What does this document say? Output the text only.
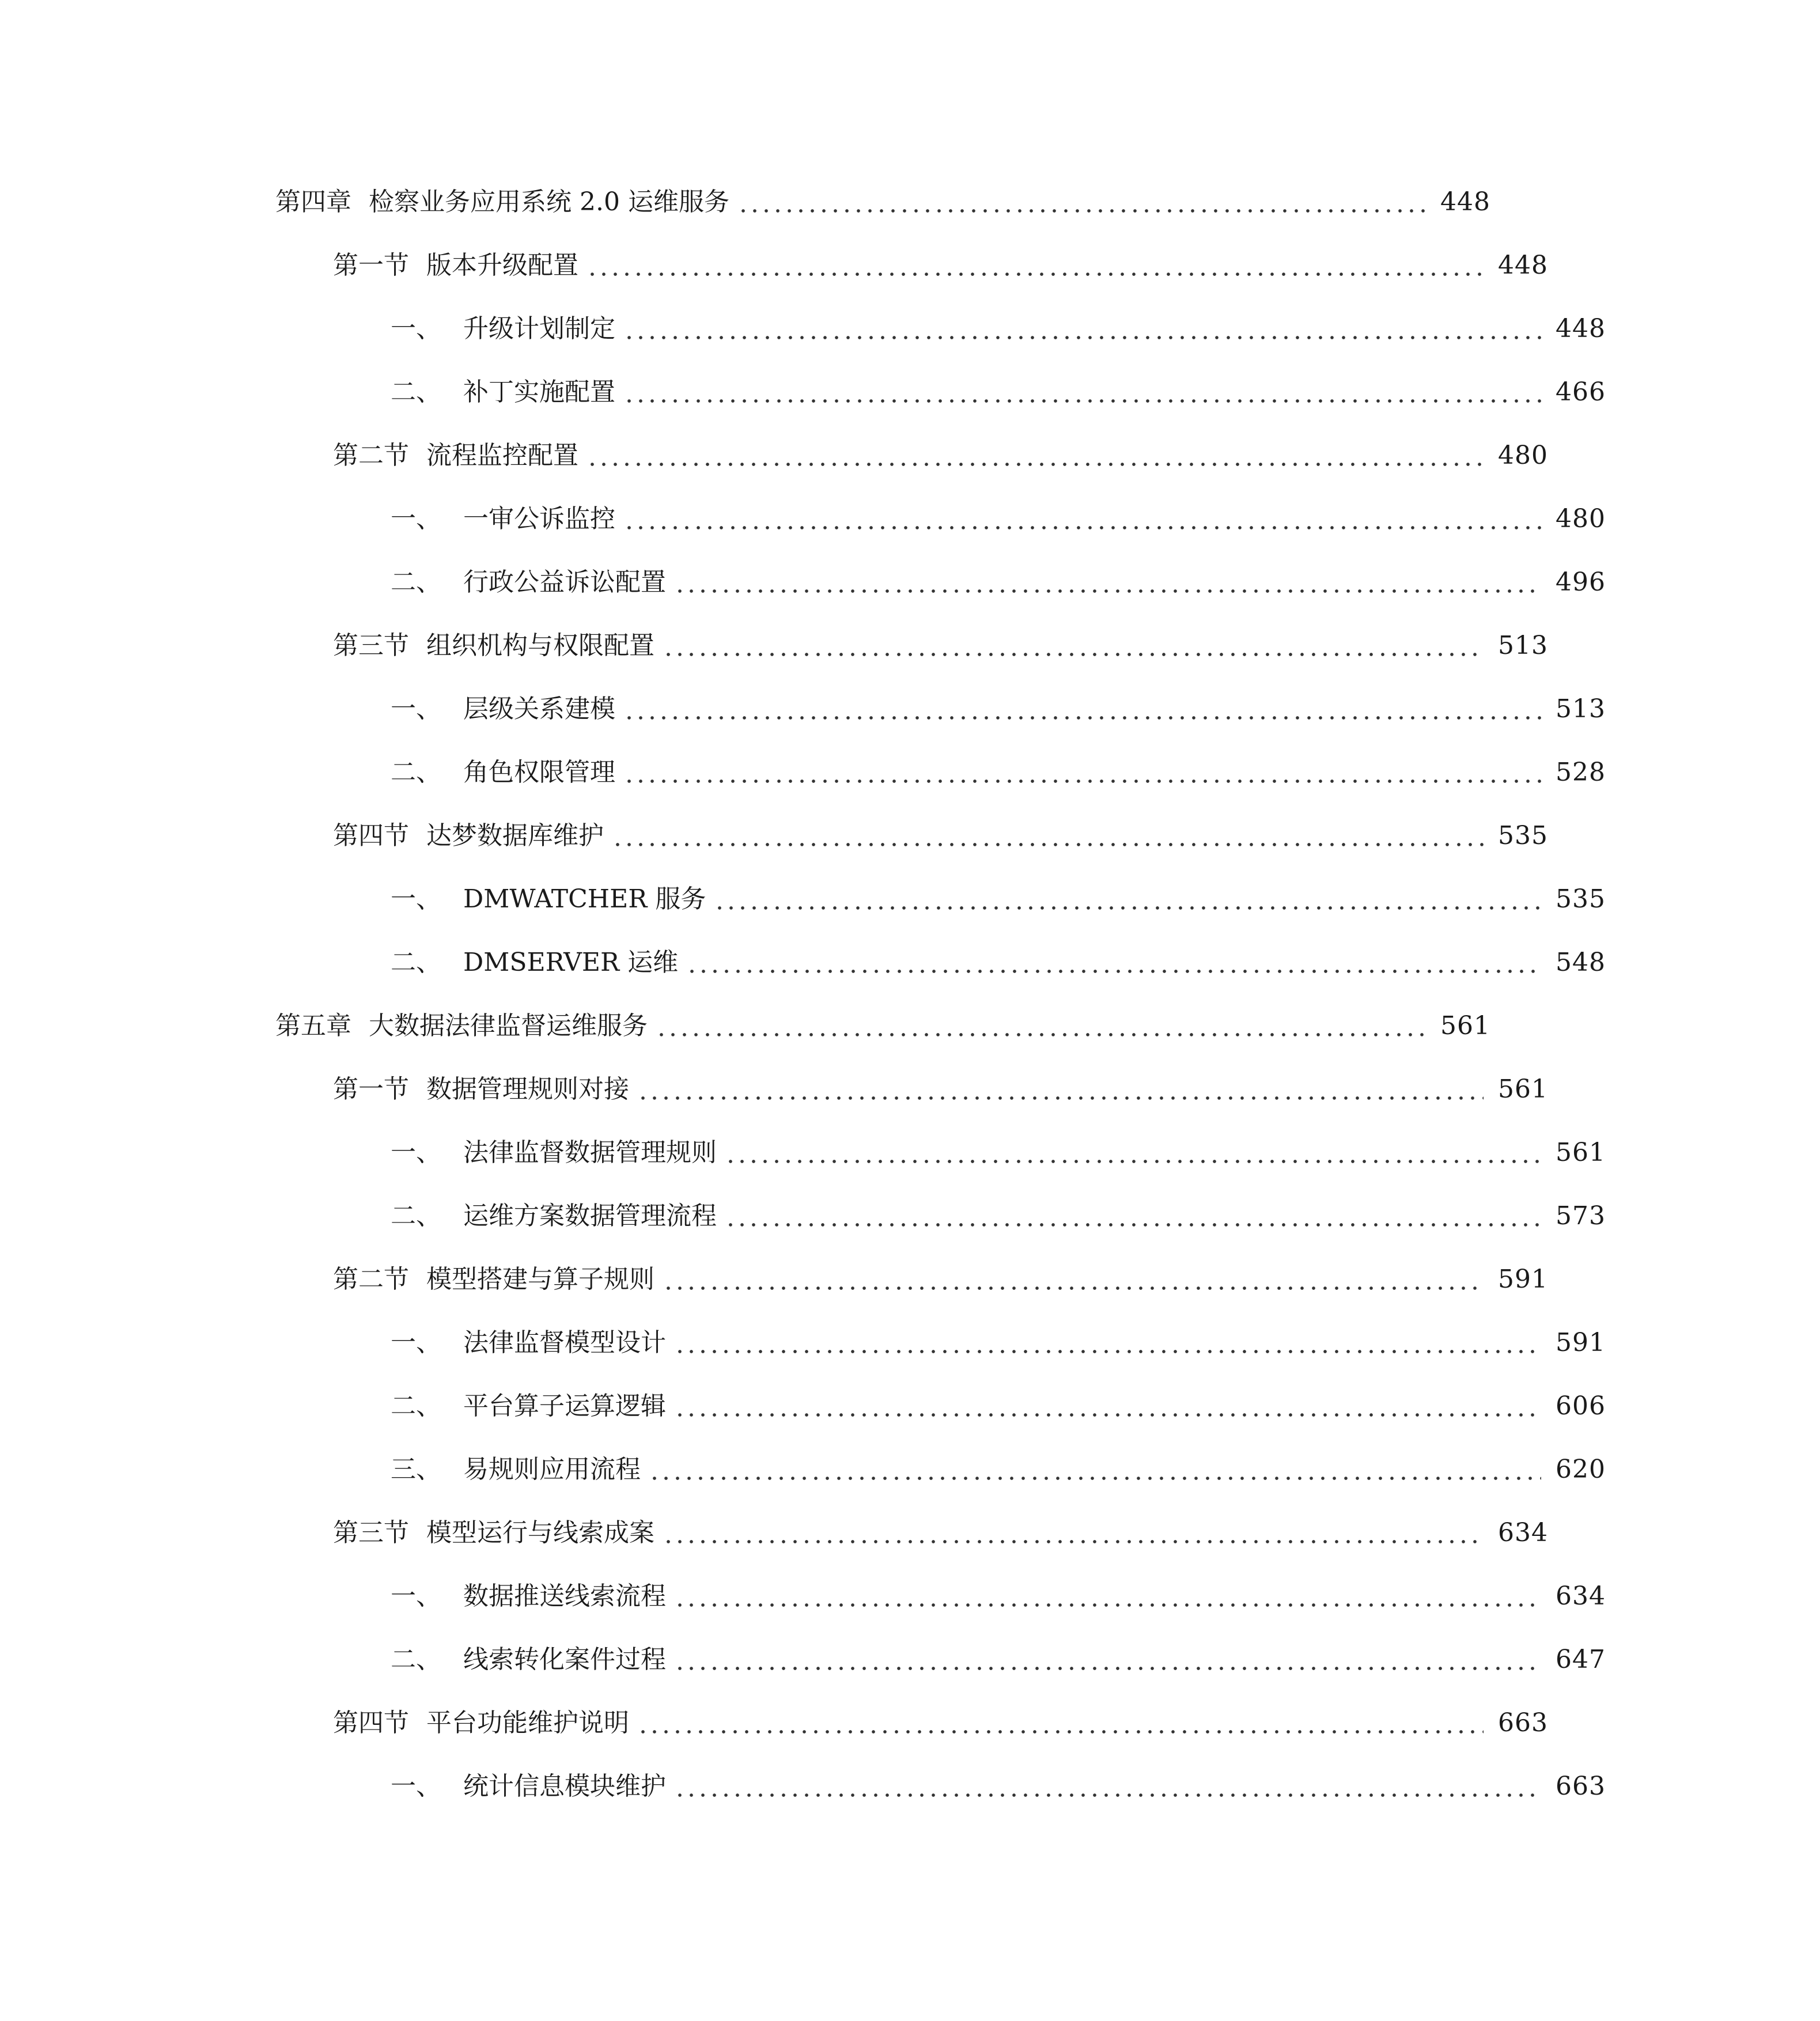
第四章 检察业务应用系统 2.0 运维服务	448
第一节 版本升级配置	448
一、 升级计划制定	448
二、 补丁实施配置	466
第二节 流程监控配置	480
一、 一审公诉监控	480
二、 行政公益诉讼配置	496
第三节 组织机构与权限配置	513
一、 层级关系建模	513
二、 角色权限管理	528
第四节 达梦数据库维护	535
一、 DMWATCHER 服务	535
二、 DMSERVER 运维	548
第五章 大数据法律监督运维服务	561
第一节 数据管理规则对接	561
一、 法律监督数据管理规则	561
二、 运维方案数据管理流程	573
第二节 模型搭建与算子规则	591
一、 法律监督模型设计	591
二、 平台算子运算逻辑	606
三、 易规则应用流程	620
第三节 模型运行与线索成案	634
一、 数据推送线索流程	634
二、 线索转化案件过程	647
第四节 平台功能维护说明	663
一、 统计信息模块维护	663
